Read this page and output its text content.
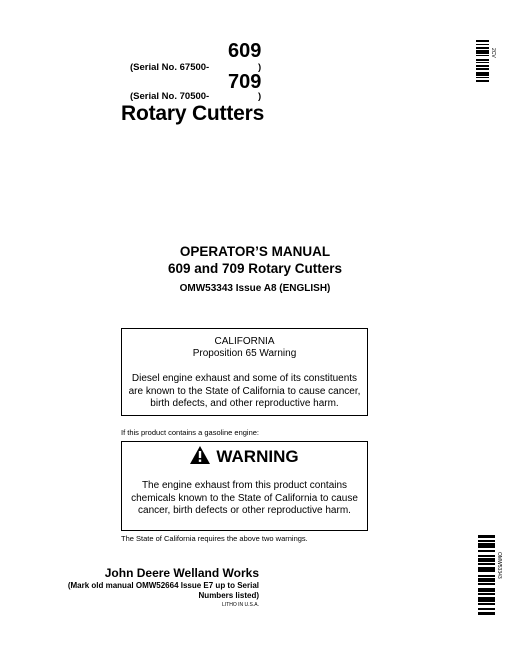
609
(Serial No. 67500-	)
709
(Serial No. 70500-	)
Rotary Cutters
2CV
OMW53343
OPERATOR’S MANUAL
609 and 709 Rotary Cutters
OMW53343 Issue A8 (ENGLISH)
CALIFORNIA
Proposition 65 Warning
Diesel engine exhaust and some of its constituents are known to the State of California to cause cancer, birth defects, and other reproductive harm.
If this product contains a gasoline engine:
WARNING
The engine exhaust from this product contains chemicals known to the State of California to cause cancer, birth defects or other reproductive harm.
The State of California requires the above two warnings.
John Deere Welland Works
(Mark old manual OMW52664 Issue E7 up to Serial
Numbers listed)
LITHO IN U.S.A.
